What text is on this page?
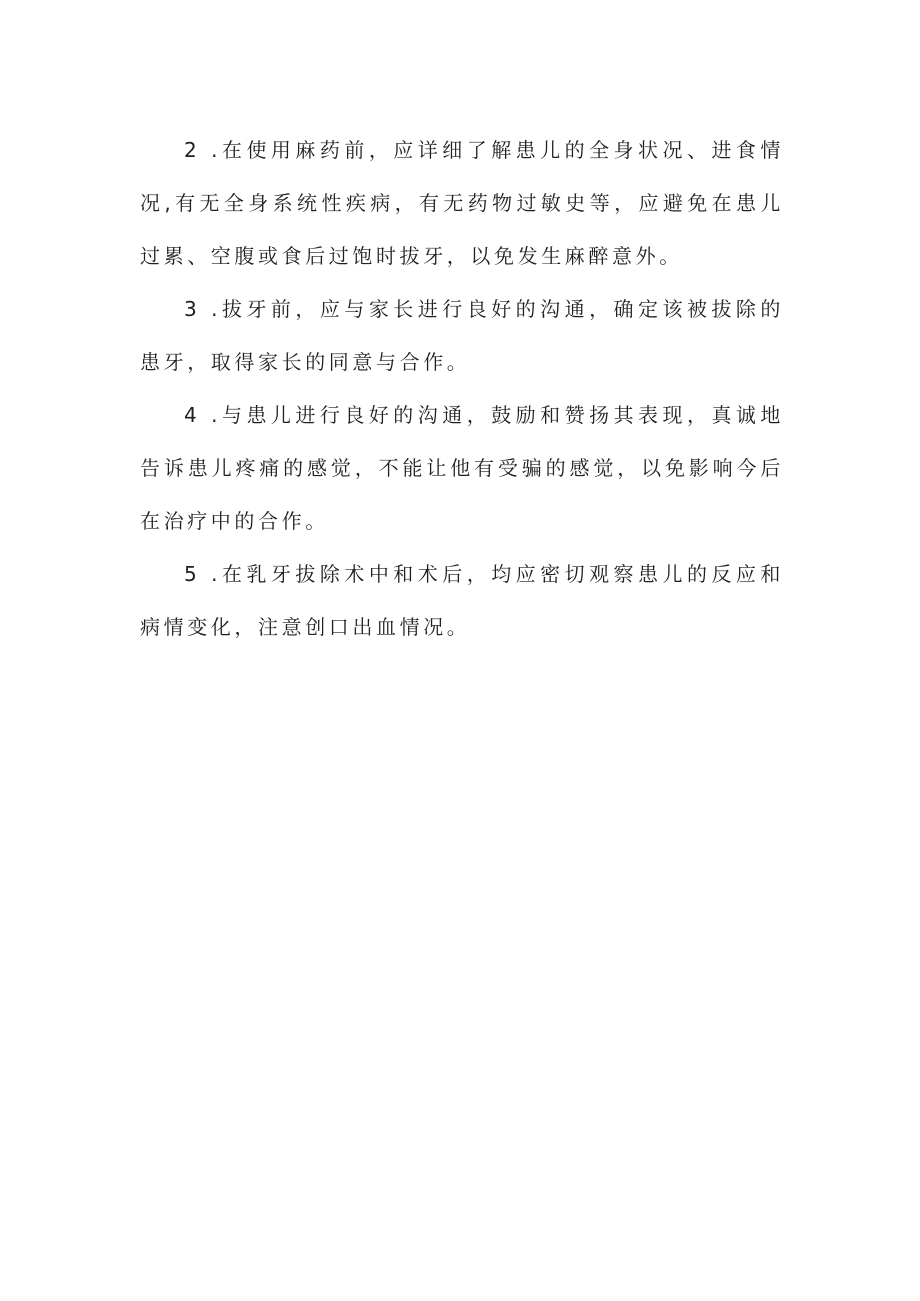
2 .在使用麻药前，应详细了解患儿的全身状况、进食情况,有无全身系统性疾病，有无药物过敏史等，应避免在患儿过累、空腹或食后过饱时拔牙，以免发生麻醉意外。

3 .拔牙前，应与家长进行良好的沟通，确定该被拔除的患牙，取得家长的同意与合作。

4 .与患儿进行良好的沟通，鼓励和赞扬其表现，真诚地告诉患儿疼痛的感觉，不能让他有受骗的感觉，以免影响今后在治疗中的合作。

5 .在乳牙拔除术中和术后，均应密切观察患儿的反应和病情变化，注意创口出血情况。
